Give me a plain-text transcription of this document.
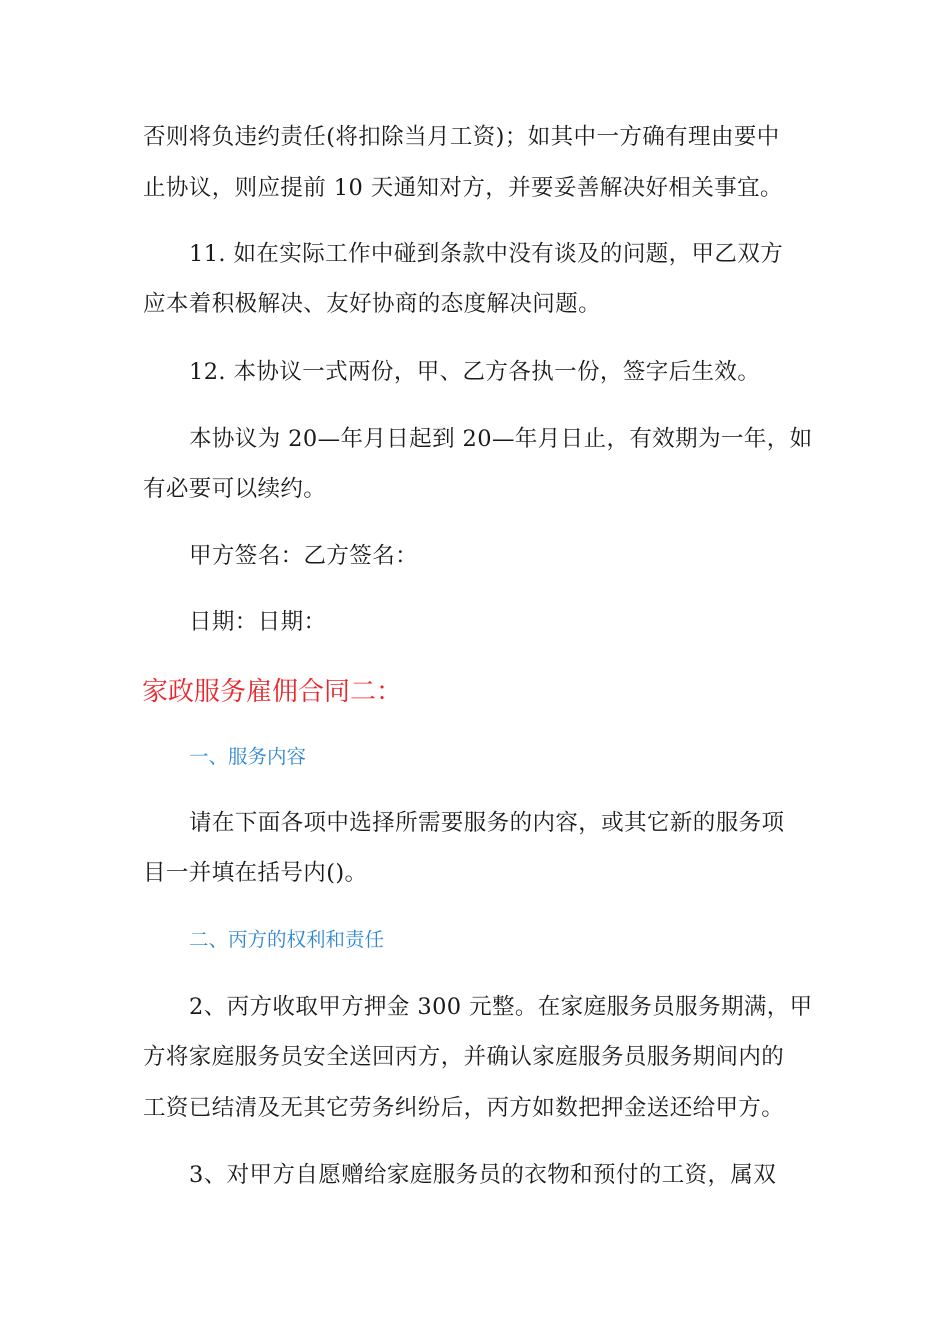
否则将负违约责任(将扣除当月工资)；如其中一方确有理由要中
止协议，则应提前 10 天通知对方，并要妥善解决好相关事宜。
11. 如在实际工作中碰到条款中没有谈及的问题，甲乙双方
应本着积极解决、友好协商的态度解决问题。
12. 本协议一式两份，甲、乙方各执一份，签字后生效。
本协议为 20—年月日起到 20—年月日止，有效期为一年，如
有必要可以续约。
甲方签名：乙方签名：
日期：日期：
家政服务雇佣合同二：
一、服务内容
请在下面各项中选择所需要服务的内容，或其它新的服务项
目一并填在括号内()。
二、丙方的权利和责任
2、丙方收取甲方押金 300 元整。在家庭服务员服务期满，甲
方将家庭服务员安全送回丙方，并确认家庭服务员服务期间内的
工资已结清及无其它劳务纠纷后，丙方如数把押金送还给甲方。
3、对甲方自愿赠给家庭服务员的衣物和预付的工资，属双
